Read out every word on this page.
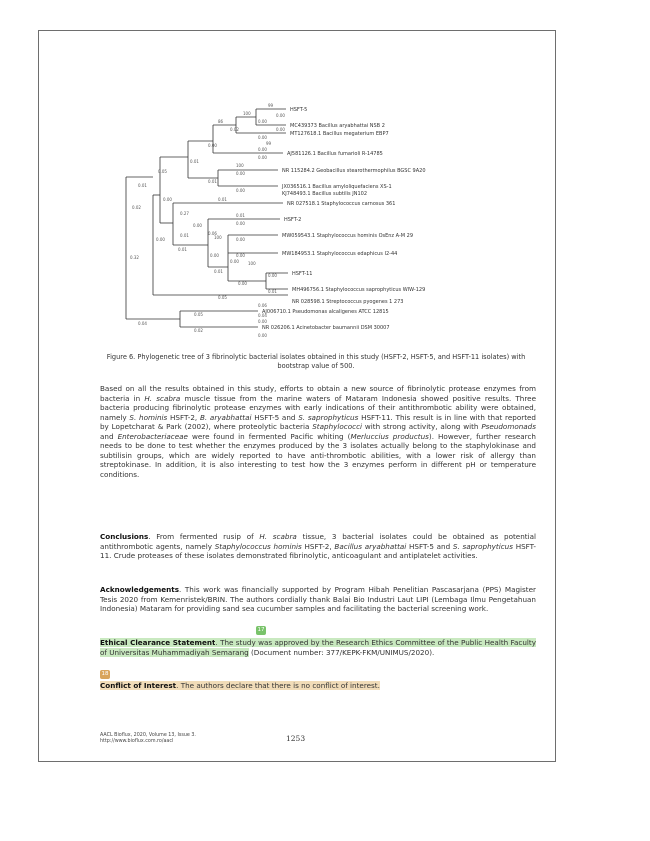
HSFT-5
MC439373 Bacillus aryabhattai NSB 2
MT127618.1 Bacillus megaterium EBP7
AJ581126.1 Bacillus fumarioli R-14785
NR 115284.2 Geobacillus stearothermophilus BGSC 9A20
JX036516.1 Bacillus amyloliquefaciens XS-1
KJ748493.1 Bacillus subtilis JN102
NR 027518.1 Staphylococcus carnosus 361
HSFT-2
MW059543.1 Staphylococcus hominis OsEnz A-M 29
MW184953.1 Staphylococcus edaphicus I2-44
HSFT-11
MH496756.1 Staphylococcus saprophyticus WIW-129
NR 028598.1 Streptococcus pyogenes 1 273
AJ006710.1 Pseudomonas alcaligenes ATCC 12815
NR 026206.1 Acinetobacter baumannii DSM 30007
99
0.00
0.00
100
0.00
0.00
0.02
86
0.00
0.01
0.00
99
0.00
0.05
0.01
0.00
100
0.00
0.01
0.00	0.01
0.02
0.00
0.01
0.00
0.00
0.00
100
0.00
0.00
0.01
0.00
0.01
100
0.00
0.01
0.01
0.00
0.32
0.27
0.06
0.05
0.05
0.02
0.06
0.00
0.04
0.00
0.04
Figure 6. Phylogenetic tree of 3 fibrinolytic bacterial isolates obtained in this study (HSFT-2, HSFT-5, and HSFT-11 isolates) with bootstrap value of 500.

Based on all the results obtained in this study, efforts to obtain a new source of fibrinolytic protease enzymes from bacteria in H. scabra muscle tissue from the marine waters of Mataram Indonesia showed positive results. Three bacteria producing fibrinolytic protease enzymes with early indications of their antithrombotic ability were obtained, namely S. hominis HSFT-2, B. aryabhattai HSFT-5 and S. saprophyticus HSFT-11. This result is in line with that reported by Lopetcharat & Park (2002), where proteolytic bacteria Staphylococci with strong activity, along with Pseudomonads and Enterobacteriaceae were found in fermented Pacific whiting (Merluccius productus). However, further research needs to be done to test whether the enzymes produced by the 3 isolates actually belong to the staphylokinase and subtilisin groups, which are widely reported to have anti-thrombotic abilities, with a lower risk of allergy than streptokinase. In addition, it is also interesting to test how the 3 enzymes perform in different pH or temperature conditions.

Conclusions. From fermented rusip of H. scabra tissue, 3 bacterial isolates could be obtained as potential antithrombotic agents, namely Staphylococcus hominis HSFT-2, Bacillus aryabhattai HSFT-5 and S. saprophyticus HSFT-11. Crude proteases of these isolates demonstrated fibrinolytic, anticoagulant and antiplatelet activities.

Acknowledgements. This work was financially supported by Program Hibah Penelitian Pascasarjana (PPS) Magister Tesis 2020 from Kemenristek/BRIN. The authors cordially thank Balai Bio Industri Laut LIPI (Lembaga Ilmu Pengetahuan Indonesia) Mataram for providing sand sea cucumber samples and facilitating the bacterial screening work.

17

Ethical Clearance Statement. The study was approved by the Research Ethics Committee of the Public Health Faculty of Universitas Muhammadiyah Semarang (Document number: 377/KEPK-FKM/UNIMUS/2020).

18

Conflict of Interest. The authors declare that there is no conflict of interest.

AACL Bioflux, 2020, Volume 13, Issue 3.
http://www.bioflux.com.ro/aacl	1253
